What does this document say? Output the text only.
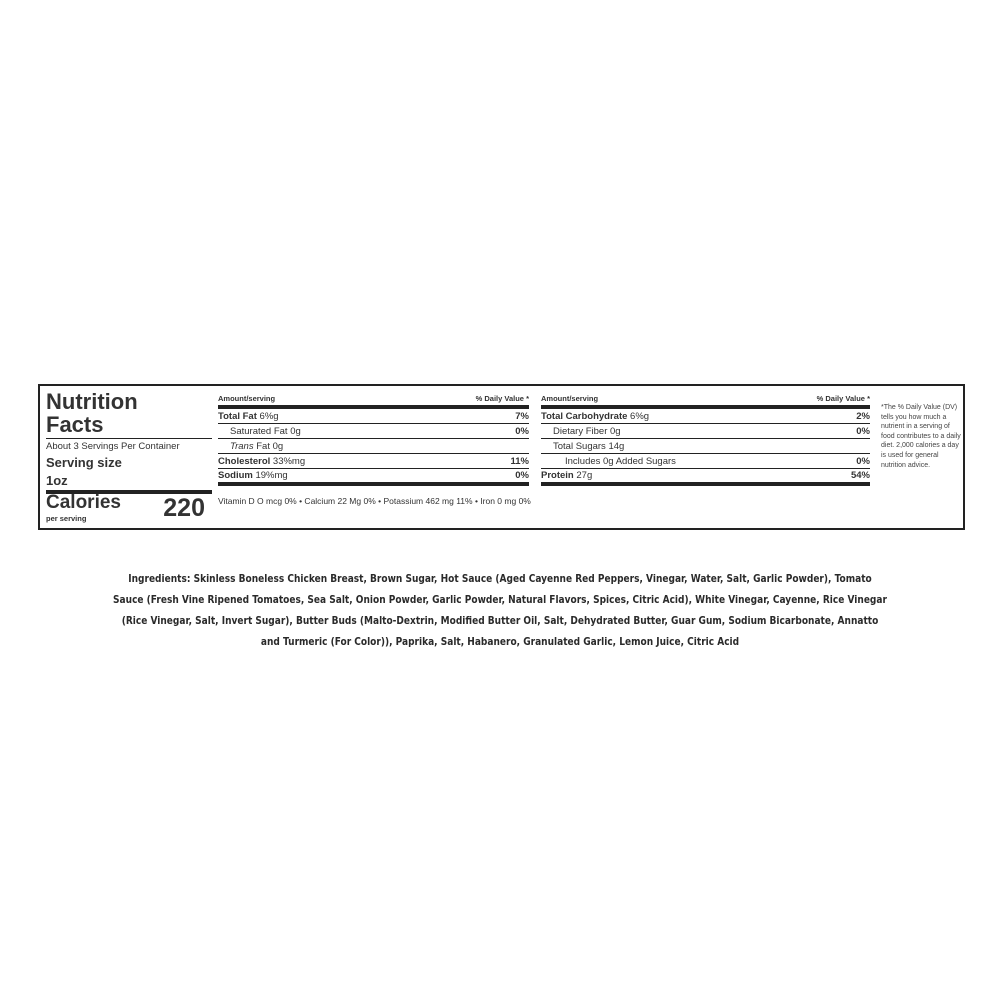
Nutrition
Facts
About 3 Servings Per Container
Serving size
1oz
Calories
per serving	220
Amount/serving	% Daily Value *
Total Fat 6%g	7%
Saturated Fat 0g	0%
Trans Fat 0g
Cholesterol 33%mg	11%
Sodium 19%mg	0%
Amount/serving	% Daily Value *
Total Carbohydrate 6%g	2%
Dietary Fiber 0g	0%
Total Sugars 14g
Includes 0g Added Sugars	0%
Protein 27g	54%
Vitamin D O mcg 0% • Calcium 22 Mg 0% • Potassium 462 mg 11% • Iron 0 mg 0%
*The % Daily Value (DV) tells you how much a nutrient in a serving of food contributes to a daily diet. 2,000 calories a day is used for general nutrition advice.
Ingredients: Skinless Boneless Chicken Breast, Brown Sugar, Hot Sauce (Aged Cayenne Red Peppers, Vinegar, Water, Salt, Garlic Powder), Tomato Sauce (Fresh Vine Ripened Tomatoes, Sea Salt, Onion Powder, Garlic Powder, Natural Flavors, Spices, Citric Acid), White Vinegar, Cayenne, Rice Vinegar (Rice Vinegar, Salt, Invert Sugar), Butter Buds (Malto-Dextrin, Modified Butter Oil, Salt, Dehydrated Butter, Guar Gum, Sodium Bicarbonate, Annatto and Turmeric (For Color)), Paprika, Salt, Habanero, Granulated Garlic, Lemon Juice, Citric Acid
